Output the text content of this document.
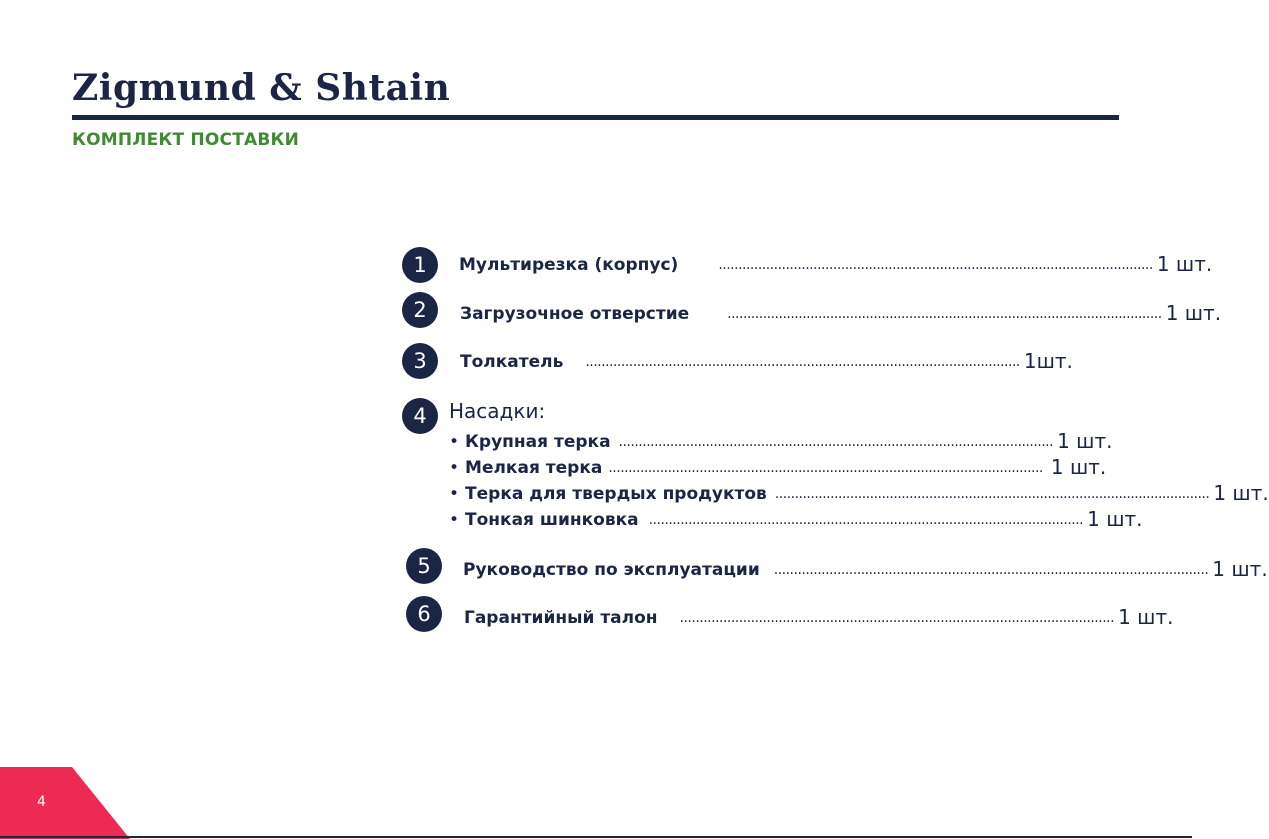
Zigmund & Shtain
КОМПЛЕКТ ПОСТАВКИ
1	Мультирезка (корпус)	.............................................................................................................. 1 шт.
2	Загрузочное отверстие	.............................................................................................................. 1 шт.
3	Толкатель .............................................................................................................. 1шт.
4	Насадки:
• Крупная терка .............................................................................................................. 1 шт.
• Мелкая терка .............................................................................................................. 1 шт.
• Терка для твердых продуктов .............................................................................................................. 1 шт.
• Тонкая шинковка .............................................................................................................. 1 шт.
5	Руководство по эксплуатации .............................................................................................................. 1 шт.
6	Гарантийный талон .............................................................................................................. 1 шт.
4
